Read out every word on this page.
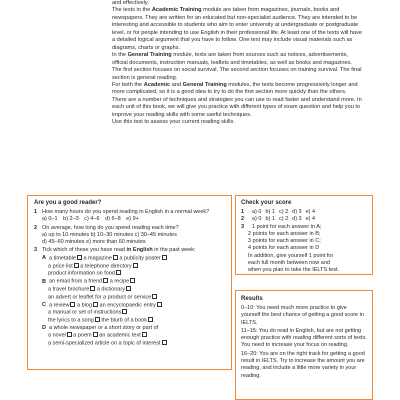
and effectively.

The texts in the Academic Training module are taken from magazines, journals, books and newspapers. They are written for an educated but non-specialist audience. They are intended to be interesting and accessible to students who aim to enter university at undergraduate or postgraduate level, or for people intending to use English in their professional life. At least one of the texts will have a detailed logical argument that you have to follow. One text may include visual materials such as diagrams, charts or graphs.

In the General Training module, texts are taken from sources such as notices, advertisements, official documents, instruction manuals, leaflets and timetables, as well as books and magazines. The first section focuses on social survival. The second section focuses on training survival. The final section is general reading.

For both the Academic and General Training modules, the texts become progressively longer and more complicated, so it is a good idea to try to do the first section more quickly than the others.

There are a number of techniques and strategies you can use to read faster and understand more. In each unit of this book, we will give you practice with different types of exam question and help you to improve your reading skills with some useful techniques.

Use this test to assess your current reading skills.

Are you a good reader?
1 How many hours do you spend reading in English in a normal week?
a) 0–1 b) 2–3 c) 4–6 d) 6–8 e) 9+
2 On average, how long do you spend reading each time?
a) up to 10 minutes b) 10–30 minutes c) 30–45 minutes
d) 45–60 minutes e) more than 60 minutes
3 Tick which of these you have read in English in the past week:
A a timetable a magazine a publicity poster
a price list a telephone directory
product information on food
B an email from a friend a recipe
a travel brochure a dictionary
an advert or leaflet for a product or service
C a review a blog an encyclopaedic entry
a manual or set of instructions
the lyrics to a song the blurb of a book
D a whole newspaper or a short story or part of
a novel a poem an academic text
a semi-specialized article on a topic of interest
Check your score
1 a) 0 b) 1 c) 2 d) 3 e) 4
2 a) 0 b) 1 c) 2 d) 3 e) 4
3 1 point for each answer in A;
2 points for each answer in B;
3 points for each answer in C;
4 points for each answer in D
In addition, give yourself 1 point for
each full month between now and
when you plan to take the IELTS test.
Results
0–10: You need much more practice to give yourself the best chance of getting a good score in IELTS.
11–15: You do read in English, but are not getting enough practice with reading different sorts of texts. You need to increase your focus on reading.
16–20: You are on the right track for getting a good result in IELTS. Try to increase the amount you are reading, and include a little more variety in your reading.
